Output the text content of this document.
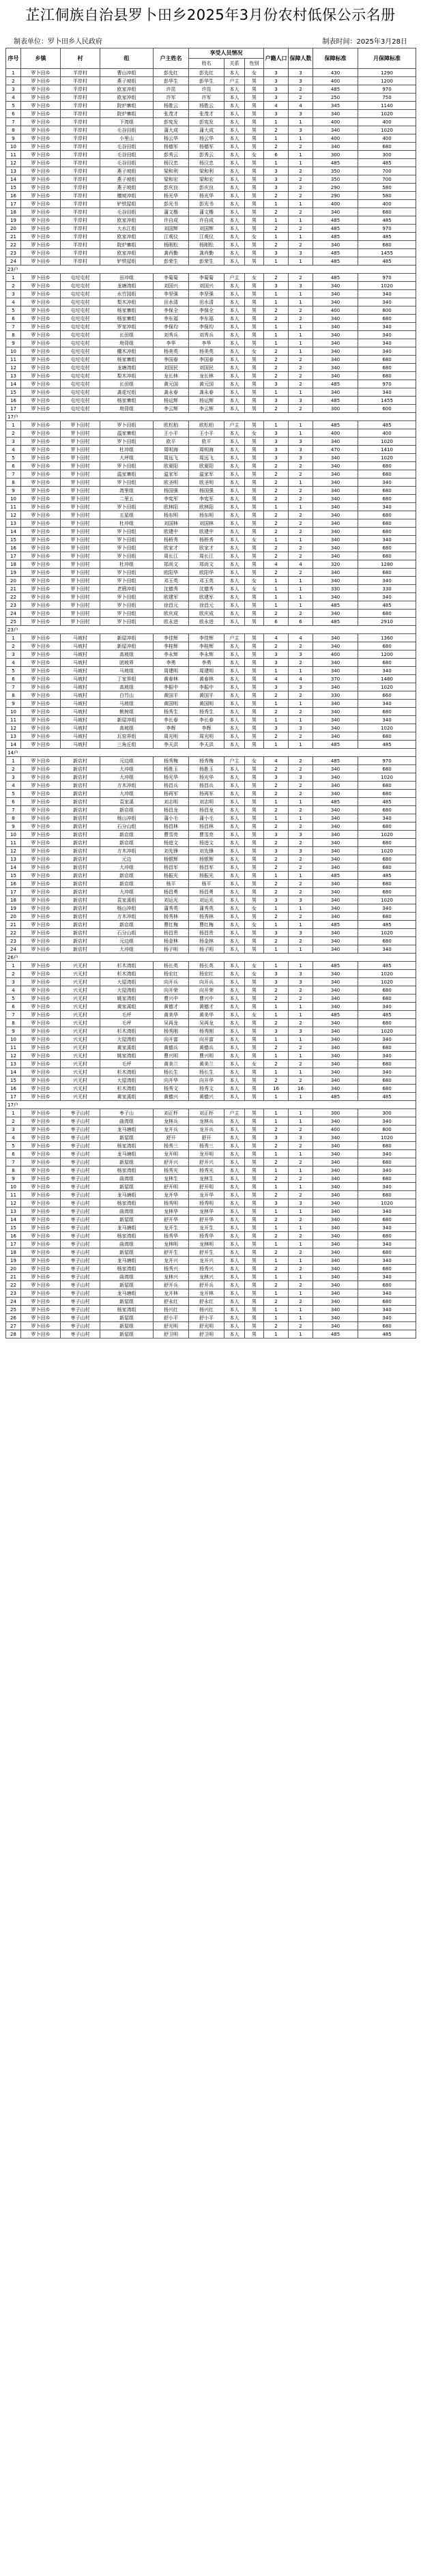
芷江侗族自治县罗卜田乡2025年3月份农村低保公示名册
制表单位：罗卜田乡人民政府	制表时间：2025年3月28日
序号	乡镇	村	组	户主姓名	享受人员情况			户籍人口	保障人数	保障标准	月保障标准
					姓名	关系	性别				
1	罗卜田乡	半岸村	曹山冲组	彭先红	彭先红	本人	女	3	3	430	1290
2	罗卜田乡	半岸村	燕子坡组	彭华生	彭华生	户主	男	3	3	400	1200
3	罗卜田乡	半岸村	欧家冲组	许昆	许昆	本人	男	3	2	485	970
4	罗卜田乡	半岸村	欧家冲组	许军	许军	本人	男	3	2	250	750
5	罗卜田乡	半岸村	院炉寨组	杨胜云	杨胜云	本人	男	4	4	345	1140
6	罗卜田乡	半岸村	院炉寨组	张茂才	张茂才	本人	男	3	3	340	1020
7	罗卜田乡	半岸村	下湾组	彭宪发	彭宪发	本人	男	1	1	400	400
8	罗卜田乡	半岸村	毛谷田组	蒲大成	蒲大成	本人	男	2	3	340	1020
9	罗卜田乡	半岸村	小里山	杨云华	杨云华	本人	男	1	1	400	400
10	罗卜田乡	半岸村	毛谷田组	杨德军	杨德军	本人	男	2	2	340	680
11	罗卜田乡	半岸村	毛谷田组	彭秀云	彭秀云	本人	女	6	1	300	300
12	罗卜田乡	半岸村	毛谷田组	杨汉忠	杨汉忠	本人	男	1	1	485	485
13	罗卜田乡	半岸村	燕子坡组	梁和利	梁和利	本人	男	3	2	350	700
14	罗卜田乡	半岸村	燕子坡组	梁和宏	梁和宏	本人	男	3	2	350	700
15	罗卜田乡	半岸村	燕子坡组	彭庆良	彭庆良	本人	男	3	2	290	580
16	罗卜田乡	半岸村	檀坡冲组	杨光华	杨光华	本人	男	2	2	290	580
17	罗卜田乡	半岸村	铲铁屋组	彭光书	彭光书	本人	男	1	1	400	400
18	罗卜田乡	半岸村	毛谷田组	蒲文楷	蒲文楷	本人	男	2	2	340	680
19	罗卜田乡	半岸村	欧家冲组	许自成	许自成	本人	男	1	1	485	485
20	罗卜田乡	半岸村	大水江组	刘国辉	刘国辉	本人	男	2	2	485	970
21	罗卜田乡	半岸村	欧家冲组	江观仪	江观仪	本人	女	1	1	485	485
22	罗卜田乡	半岸村	院炉寨组	杨刚松	杨刚松	本人	男	2	2	340	680
23	罗卜田乡	半岸村	欧家冲组	龚肖勤	龚肖勤	本人	男	3	3	485	1455
24	罗卜田乡	半岸村	铲铁屋组	彭荣生	彭荣生	本人	男	1	1	485	485
23户											
1	罗卜田乡	屯坨屯村	田冲组	李菊菊	李菊菊	户主	女	2	2	485	970
2	罗卜田乡	屯坨屯村	龙塘湾组	刘国兴	刘国兴	本人	男	3	3	340	1020
3	罗卜田乡	屯坨屯村	水竹园组	李坚强	李坚强	本人	男	1	1	340	340
4	罗卜田乡	屯坨屯村	梨木冲组	田水清	田水清	本人	男	1	1	340	340
5	罗卜田乡	屯坨屯村	杨家寨组	李保全	李保全	本人	男	2	2	400	800
6	罗卜田乡	屯坨屯村	杨家寨组	李东福	李东福	本人	男	2	2	340	680
7	罗卜田乡	屯坨屯村	罗家冲组	李保均	李保均	本人	男	1	1	340	340
8	罗卜田乡	屯坨屯村	长田组	刘秀兵	刘秀兵	本人	男	1	1	340	340
9	罗卜田乡	屯坨屯村	坳背组	李华	李华	本人	男	1	1	340	340
10	罗卜田乡	屯坨屯村	棚木冲组	杨美英	杨美英	本人	女	2	1	340	340
11	罗卜田乡	屯坨屯村	杨家寨组	李国春	李国春	本人	男	2	2	340	680
12	罗卜田乡	屯坨屯村	龙塘湾组	刘国民	刘国民	本人	男	2	2	340	680
13	罗卜田乡	屯坨屯村	梨木冲组	龙长林	龙长林	本人	男	2	2	340	680
14	罗卜田乡	屯坨屯村	长田组	黄元国	黄元国	本人	男	3	2	485	970
15	罗卜田乡	屯坨屯村	龚花坨组	龚永春	龚永春	本人	男	1	1	340	340
16	罗卜田乡	屯坨屯村	杨家寨组	杨运辉	杨运辉	本人	男	3	3	485	1455
17	罗卜田乡	屯坨屯村	坳背组	李云辉	李云辉	本人	男	2	2	300	600
17户											
1	罗卜田乡	罗卜田村	罗卜田组	欧松柏	欧松柏	户主	男	1	1	485	485
2	罗卜田乡	罗卜田村	温家寨组	王小平	王小平	本人	女	3	1	400	400
3	罗卜田乡	罗卜田村	罗卜田组	欧平	欧平	本人	男	3	3	340	1020
4	罗卜田乡	罗卜田村	杜冲组	周明海	周明海	本人	男	3	3	470	1410
5	罗卜田乡	罗卜田村	大坪组	周远飞	周远飞	本人	男	3	3	340	1020
6	罗卜田乡	罗卜田村	罗卜田组	欧夏阳	欧夏阳	本人	男	2	2	340	680
7	罗卜田乡	罗卜田村	温家寨组	温家军	温家军	本人	男	2	2	340	680
8	罗卜田乡	罗卜田村	罗卜田组	欧圣明	欧圣明	本人	男	2	1	340	340
9	罗卜田乡	罗卜田村	湾里组	杨国强	杨国强	本人	男	2	2	340	680
10	罗卜田乡	罗卜田村	二里五	李宪军	李宪军	本人	男	2	2	340	680
11	罗卜田乡	罗卜田村	罗卜田组	欧林阳	欧林阳	本人	男	1	1	340	340
12	罗卜田乡	罗卜田村	五星组	杨东明	杨东明	本人	男	2	2	340	680
13	罗卜田乡	罗卜田村	杜冲组	刘国林	刘国林	本人	男	2	2	340	680
14	罗卜田乡	罗卜田村	罗卜田组	欧建中	欧建中	本人	男	2	2	340	680
15	罗卜田乡	罗卜田村	罗卜田组	杨桥秀	杨桥秀	本人	女	1	1	340	340
16	罗卜田乡	罗卜田村	罗卜田组	欧家才	欧家才	本人	男	2	2	340	680
17	罗卜田乡	罗卜田村	罗卜田组	周长江	周长江	本人	男	2	2	340	680
18	罗卜田乡	罗卜田村	杜冲组	郑尚文	郑尚文	本人	男	4	4	320	1280
19	罗卜田乡	罗卜田村	罗卜田组	欧阳华	欧阳华	本人	男	2	2	340	680
20	罗卜田乡	罗卜田村	罗卜田组	邓玉英	邓玉英	本人	女	1	1	340	340
21	罗卜田乡	罗卜田村	老鸦冲组	沈德秀	沈德秀	本人	女	1	1	330	330
22	罗卜田乡	罗卜田村	罗卜田组	欧建军	欧建军	本人	男	1	1	340	340
23	罗卜田乡	罗卜田村	罗卜田组	徐昌元	徐昌元	本人	男	1	1	485	485
24	罗卜田乡	罗卜田村	罗卜田组	欧庆成	欧庆成	本人	男	2	2	340	680
25	罗卜田乡	罗卜田村	罗卜田组	欧永进	欧永进	本人	男	6	6	485	2910
23户											
1	罗卜田乡	马坡村	新屋冲组	李佳辉	李佳辉	户主	男	4	4	340	1360
2	罗卜田乡	马坡村	新屋冲组	李桂辉	李桂辉	本人	男	2	2	340	680
3	罗卜田乡	马坡村	高坡组	李永辉	李永辉	本人	男	3	3	400	1200
4	罗卜田乡	马坡村	团坡界	李勇	李勇	本人	男	3	2	340	680
5	罗卜田乡	马坡村	马坡组	周建明	周建明	本人	男	1	1	340	340
6	罗卜田乡	马坡村	丁家界组	黄春林	黄春林	本人	男	4	4	370	1480
7	罗卜田乡	马坡村	高坡组	李振中	李振中	本人	男	3	3	340	1020
8	罗卜田乡	马坡村	白竹山	黄国平	黄国平	本人	男	2	2	330	660
9	罗卜田乡	马坡村	马坡组	黄国明	黄国明	本人	男	1	1	340	340
10	罗卜田乡	马坡村	桃树组	杨秀生	杨秀生	本人	男	2	2	340	680
11	罗卜田乡	马坡村	新屋冲组	李长春	李长春	本人	男	1	1	340	340
12	罗卜田乡	马坡村	高坡组	李辉	李辉	本人	男	3	3	340	1020
13	罗卜田乡	马坡村	瓦窑界组	周光明	周光明	本人	男	2	2	340	680
14	罗卜田乡	马坡村	三角丘组	李天洪	李天洪	本人	男	1	1	485	485
14户											
1	罗卜田乡	新店村	元边组	杨秀梅	杨秀梅	户主	女	4	2	485	970
2	罗卜田乡	新店村	大冲组	杨胜玉	杨胜玉	本人	男	2	2	340	680
3	罗卜田乡	新店村	大冲组	杨光华	杨光华	本人	男	3	3	340	1020
4	罗卜田乡	新店村	方木冲组	杨昌兵	杨昌兵	本人	男	2	2	340	680
5	罗卜田乡	新店村	大冲组	杨再军	杨再军	本人	男	2	2	340	680
6	罗卜田乡	新店村	袁家溪	刘志明	刘志明	本人	男	1	1	485	485
7	罗卜田乡	新店村	新店组	杨昌龙	杨昌龙	本人	男	2	2	340	680
8	罗卜田乡	新店村	杨山冲组	蒲小毛	蒲小毛	本人	男	1	1	340	340
9	罗卜田乡	新店村	石分山组	杨昌林	杨昌林	本人	男	2	2	340	680
10	罗卜田乡	新店村	新店组	曹雪亮	曹雪亮	本人	男	3	3	340	1020
11	罗卜田乡	新店村	新店组	杨进文	杨进文	本人	男	2	2	340	680
12	罗卜田乡	新店村	方木冲组	刘先锋	刘先锋	本人	男	3	3	340	1020
13	罗卜田乡	新店村	元边	杨银辉	杨银辉	本人	男	2	2	340	680
14	罗卜田乡	新店村	大冲组	杨昌军	杨昌军	本人	男	2	2	340	680
15	罗卜田乡	新店村	新店组	杨振光	杨振光	本人	男	1	1	485	485
16	罗卜田乡	新店村	新店组	杨平	杨平	本人	男	2	2	340	680
17	罗卜田乡	新店村	大冲组	杨昌勇	杨昌勇	本人	男	2	2	340	680
18	罗卜田乡	新店村	袁家溪组	刘运光	刘运光	本人	男	3	3	340	1020
19	罗卜田乡	新店村	杨山冲组	蒲秀英	蒲秀英	本人	女	1	1	340	340
20	罗卜田乡	新店村	方木冲组	杨秀林	杨秀林	本人	男	2	2	340	680
21	罗卜田乡	新店村	新店组	曹红梅	曹红梅	本人	女	1	1	485	485
22	罗卜田乡	新店村	石分山组	杨昌贵	杨昌贵	本人	男	3	3	340	1020
23	罗卜田乡	新店村	元边组	杨金林	杨金林	本人	男	2	2	340	680
24	罗卜田乡	新店村	大冲组	杨子明	杨子明	本人	男	1	1	340	340
26户											
1	罗卜田乡	兴无村	杉木湾组	杨长英	杨长英	本人	女	1	1	485	485
2	罗卜田乡	兴无村	杉木湾组	杨宏红	杨宏红	本人	女	3	3	340	1020
3	罗卜田乡	兴无村	大屋湾组	向开兵	向开兵	本人	男	3	3	340	1020
4	罗卜田乡	兴无村	大屋湾组	向开荣	向开荣	本人	男	2	2	340	680
5	罗卜田乡	兴无村	姚家湾组	曹兴中	曹兴中	本人	男	2	2	340	680
6	罗卜田乡	兴无村	黄家溪组	黄德才	黄德才	本人	男	1	1	340	340
7	罗卜田乡	兴无村	毛坪	黄美华	黄美华	本人	女	1	1	485	485
8	罗卜田乡	兴无村	毛坪	吴再龙	吴再龙	本人	男	2	2	340	680
9	罗卜田乡	兴无村	杉木湾组	杨秀刚	杨秀刚	本人	男	3	3	340	1020
10	罗卜田乡	兴无村	大屋湾组	向开富	向开富	本人	男	1	1	340	340
11	罗卜田乡	兴无村	黄家溪组	黄德兵	黄德兵	本人	男	2	2	340	680
12	罗卜田乡	兴无村	姚家湾组	曹兴明	曹兴明	本人	男	1	1	340	340
13	罗卜田乡	兴无村	毛坪	黄美兰	黄美兰	本人	女	2	2	340	680
14	罗卜田乡	兴无村	杉木湾组	杨长生	杨长生	本人	男	1	1	340	340
15	罗卜田乡	兴无村	大屋湾组	向开华	向开华	本人	男	2	2	340	680
16	罗卜田乡	兴无村	杉木湾组	杨秀文	杨秀文	本人	男	16	16	340	680
17	罗卜田乡	兴无村	黄家溪组	黄德兴	黄德兴	本人	男	1	1	485	485
17户											
1	罗卜田乡	枣子山村	枣子山	刘正杯	刘正杯	户主	男	1	1	300	300
2	罗卜田乡	枣子山村	曲湾组	龙林兵	龙林兵	本人	男	1	1	340	340
3	罗卜田乡	枣子山村	龙马塘组	龙开兵	龙开兵	本人	男	2	2	400	800
4	罗卜田乡	枣子山村	新屋组	舒开	舒开	本人	男	3	3	340	1020
5	罗卜田乡	枣子山村	杨家湾组	杨秀三	杨秀三	本人	男	2	2	340	680
6	罗卜田乡	枣子山村	龙马塘组	龙开明	龙开明	本人	男	1	1	340	340
7	罗卜田乡	枣子山村	新屋组	舒开兴	舒开兴	本人	男	2	2	340	680
8	罗卜田乡	枣子山村	杨家湾组	杨秀光	杨秀光	本人	男	1	1	340	340
9	罗卜田乡	枣子山村	曲湾组	龙林生	龙林生	本人	男	2	2	340	680
10	罗卜田乡	枣子山村	新屋组	舒开明	舒开明	本人	男	1	1	340	340
11	罗卜田乡	枣子山村	龙马塘组	龙开华	龙开华	本人	男	2	2	340	680
12	罗卜田乡	枣子山村	杨家湾组	杨秀明	杨秀明	本人	男	3	3	340	1020
13	罗卜田乡	枣子山村	曲湾组	龙林华	龙林华	本人	男	1	1	340	340
14	罗卜田乡	枣子山村	新屋组	舒开华	舒开华	本人	男	2	2	340	680
15	罗卜田乡	枣子山村	龙马塘组	龙开生	龙开生	本人	男	1	1	340	340
16	罗卜田乡	枣子山村	杨家湾组	杨秀华	杨秀华	本人	男	2	2	340	680
17	罗卜田乡	枣子山村	曲湾组	龙林明	龙林明	本人	男	1	1	340	340
18	罗卜田乡	枣子山村	新屋组	舒开生	舒开生	本人	男	2	2	340	680
19	罗卜田乡	枣子山村	龙马塘组	龙开兴	龙开兴	本人	男	1	1	340	340
20	罗卜田乡	枣子山村	杨家湾组	杨秀兴	杨秀兴	本人	男	2	2	340	680
21	罗卜田乡	枣子山村	曲湾组	龙林兴	龙林兴	本人	男	1	1	340	340
22	罗卜田乡	枣子山村	新屋组	舒开兵	舒开兵	本人	男	2	2	340	680
23	罗卜田乡	枣子山村	龙马塘组	龙开林	龙开林	本人	男	1	1	340	340
24	罗卜田乡	枣子山村	新屋组	舒永红	舒永红	本人	男	2	2	340	680
25	罗卜田乡	枣子山村	杨家湾组	杨兴红	杨兴红	本人	男	1	1	340	340
26	罗卜田乡	枣子山村	新屋组	舒小平	舒小平	本人	男	1	1	340	340
27	罗卜田乡	枣子山村	新屋组	舒光明	舒光明	本人	男	2	2	340	680
28	罗卜田乡	枣子山村	新屋组	舒卫明	舒卫明	本人	男	1	1	485	485
